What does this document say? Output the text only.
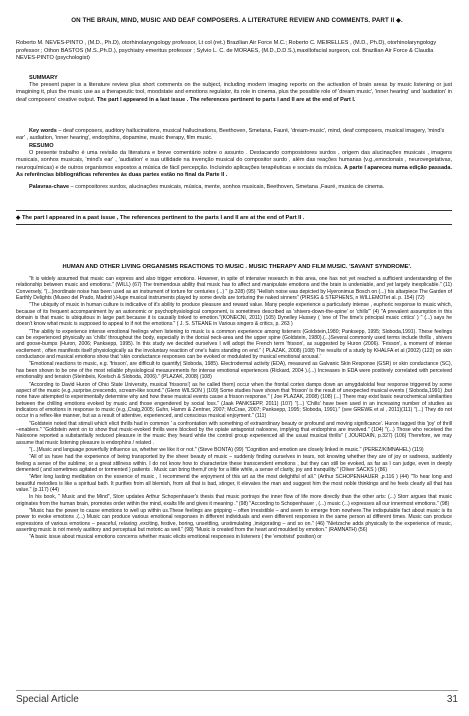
ON THE BRAIN, MIND, MUSIC AND DEAF COMPOSERS. A LITERATURE REVIEW AND COMMENTS. PART II ◆.
Roberto M. NEVES-PINTO , (M.D., Ph.D), otorhinolaryngology professor, Lt col (ret.) Brazilian Air Force M.C.; Roberto C. MEIRELLES , (M.D., Ph.D), otorhinolaryngology professor ; Othon BASTOS (M.S.,Ph.D.), psychiatry emeritus professor ; Sylvio L. C. de MORAES, (M.D.,D.D.S.),maxillofacial surgeon, col. Brazilian Air Force & Claudia NEVES-PINTO (psychologist)
SUMMARY
The present paper is a literature review plus short comments on the subject, including modern imaging reports on the activation of brain areas by music listening or just imagining it, plus the music use as a therapeutic tool, moodstate and emotions regulator, its role in cinema, plus the possible role of 'dream music', 'inner hearing' and 'audiation' in deaf composers' creative output. The part I appeared in a last issue . The references pertinent to parts I and II are at the end of Part I.
Key words – deaf composers, auditory hallucinations, musical hallucinations, Beethoven, Smetana, Fauré, 'dream-music', mind, deaf composers, musical imagery, 'mind's ear' , audiation, 'inner hearing', endorphins, dopamine, music therapy, film music.
RESUMO
O presente trabalho é uma revisão da literatura e breve comentário sobre o assunto . Destacando composistores surdos , origem das alucinações musicais , imagens musicais, sonhos musicais, 'mind's ear' , 'audiation' e sua utilidade na invenção musical do compositor surdo , além das reações humanas (v.g.,emocionais , neurovegetativas, neuroquímicas) e de outros organismos expostos a música de fácil percepção. Incluindo aplicações terapêuticas e sociais da música. A parte I apareceu numa edição passada. As referências bibliográficas referentes às duas partes estão no final da Parte II .
Palavras-chave – compositores surdos, alucinações musicais, música, mente, sonhos musicais, Beethoven, Smetana ,Fauré, musica de cinema.
◆ The part I appeared in a past issue , The references pertinent to the parts I and II are at the end of Part II .
HUMAN AND OTHER LIVING ORGANISMS REACTIONS TO MUSIC . MUSIC THERAPY AND FILM MUSIC. 'SAVANT SYNDROME'.

"It is widely assumed that music can express and also trigger emotions. However, in spite of intensive research in this area, one has not yet reached a sufficient understanding of the relationship between music and emotions." (WILL) (67) The tremendous ability that music has to affect and manipulate emotions and the brain is undeniable, and yet largely inexplicable." (11) Conversely, "(...)inordinate noise has been used as an instrument of torture for centuries (...) " (p.328) (95) "Hellish noise was depicted by Hyeronimus Bosch on (...) his altarpiece The Garden of Earthly Delights (Museo del Prado, Madrid ).Huge musical instruments played by some devils are torturing the naked sinners" (PIRSIG & STEPHENS, n WILLEMOTet al. p. 154) (72)

"The ubiquity of music in human culture is indicative of it's ability to produce pleasure and reward value. Many people experience a particularly intense , euphoric response to music which, because of its frequent accompaniment by an autonomic or psychophysiological component, is sometimes described as 'shivers-down-the-spine' or 'chills'" (4) "A prevalent assumption in this domain is that music is ubiquitous in large part because it is causally linked to emotion."(KONECNI, 2011) (105) Dynelley Hussey ( 'one of The time's principal music critics' ) " (...) says he doesn't know what music is supposed to appeal to if not the emotions." ( J. S. STEANE in Various singers & critics, p. 263 )

"The ability to experience intense emotional feelings when listening to music is a common experience among listeners (Goldstein,1980; Panksepp, 1995; Sloboda,1991). These feelings can be experienced physically as 'chills' throughout the body, especially in the dorsal neck-area and the upper spine (Goldstein, 1980).(...)Several commonly used terms include thrills , shivers and goose-bumps (Huron, 2006; Panksepp, 1995). In this study we decided ourselves I will adopt the French term 'frisson', as suggested by Huron (2006). 'Frisson', a moment of intense excitement , often manifests itself physiologically as the involuntary reaction of one's hairs standing on end." ( PLAZAK, 2008) (108) The results of a study by KHALFA et al (2002) (122) on skin conductance and musical emotions show that 'skin conductance responses can be evoked or modulated by musical emotional arousal.'

"Emotional reactions to music, e.g. 'frisson', are difficult to quantify( Sloboda, 1985). Electrodermal activity (EDA), measured as Galvanic Skin Response (GSR) or skin conductance (SC), has been shown to be one of the most reliable physiological measurements for intense emotional experiences (Rickard, 2004 ).(...) Increases in EDA were positively correlated with perceived emotionality and tension (Steinbeis, Koelsch & Sloboda, 2006)." (PLAZAK, 2008) (108)

"According to David Huron of Ohio State University, musical 'frissons'( as he called them) occur when the frontal cortex damps down an amygdaloidal fear response triggered by some aspect of the music (e.g.,surprise,crescendo, scream-like sound." (Glenn WILSON ) (109) Some studies have shown that 'frisson' is the result of unexpected musical events ( Sloboda,1991) ,but none have attempted to experimentally determine why and how these musical events cause a frisson response." ( Joe PLAZAK, 2008) (108) (...) There may exist basic neurochemical similarities between the chilling emotions evoked by music and those engendered by social loss." (Jaak PANKSEPP, 2011) (107) "(...) 'Chills' have been used in an increasing number of studies as indicators of emotions in response to music (e.g.,Craig,2005; Guhn, Hamm & Zentner, 2007; McCrae, 2007; Panksepp, 1995; Sloboda, 1991)." (see GREWE et al , 2011)(111) "(...) They do not occur in a reflex-like manner, but as a result of attentive, experienced, and conscious musical enjoyment." (111)

"Goldstein noted that stimuli which elicit thrills had in common ' a confrontation with something of extraordinary beauty or profound and moving significance'. Huron tagged this 'joy' of thrill –enablers." "Goldstein went on to show that music-evoked thrills were blocked by the opiate antagonist naloxone, implying that endorphins are involved." (104) "(...) Those who received the Naloxone reported a substantially reduced pleasure in the music they heard while the control group experienced all the usual musical thrills" ( JOURDAIN, p.327) (106) Therefore, we may assume that music listening pleasure is endorphins / related .

"(...)Music and language powerfully influence us, whether we like it or not." (Steve BONTA) (99) "Cognition and emotion are closely linked in music." (PEREZ/KIMNAHEL) (119)

"All of us have had the experience of being transported by the sheer beauty of music – suddenly finding ourselves in tears, not knowing whether they are of joy or sadness, suddenly feeling a sense of the sublime, or a great stillness within. I do not know how to characterize these transcendent emotions , but they can still be evoked, as far as I can judge, even in deeply demented ( and sometimes agitated or tormented ) patients . Music can bring them,if only for a little while, a sense of clarity, joy and tranquility." (Oliver SACKS ) (86)

"After long lasting meditation on the essence of music , I recommend the enjoyment of this art as the most delightful of all." (Arthur SCHOPENHAUER ,p.116 ) (44) "To hear long and beautiful melodies is like a spiritual bath. It purifies from all blemish, from all that is bad, stinger, it elevates the man and suggest him the most noble thinkings and he feels clearly all that has value." (p.117) (44)

In his book, " Music and the Mind", Storr updates Arthur Schopenhauer's thesis that music portrays the inner flow of life more directly than the other arts: (...) Storr argues that music originates from the human brain, promotes order within the mind, exalts life and gives it meaning ." (98) "According to Schopenhauer , (...) music (...) expresses all our innermost emotions." (98)

"Music has the power to cause emotions to well up within us.These feelings are gripping – often irresistible – and seem to emerge from nowhere.The indisputable fact about music is its power to evoke emotions .(...) Music can produce various emotional responses in different individuals and even different responses in the same person at different times. Music can produce expressions of various emotions – peaceful, relaxing ,exciting, festive, boring, unsettling, unstimulating ,invigorating – and so on." (46) "Nietzsche adds physically to the experience of music, asserting music is not merely auditory and perceptual but motoric as well." (98) "Music is created from the heart and moulded by emotion." (RAMNATH) (56)

"A basic issue about musical emotions concerns whether music elicits emotional responses in listeners ( the 'emotivist' position) or

Special Article	31
